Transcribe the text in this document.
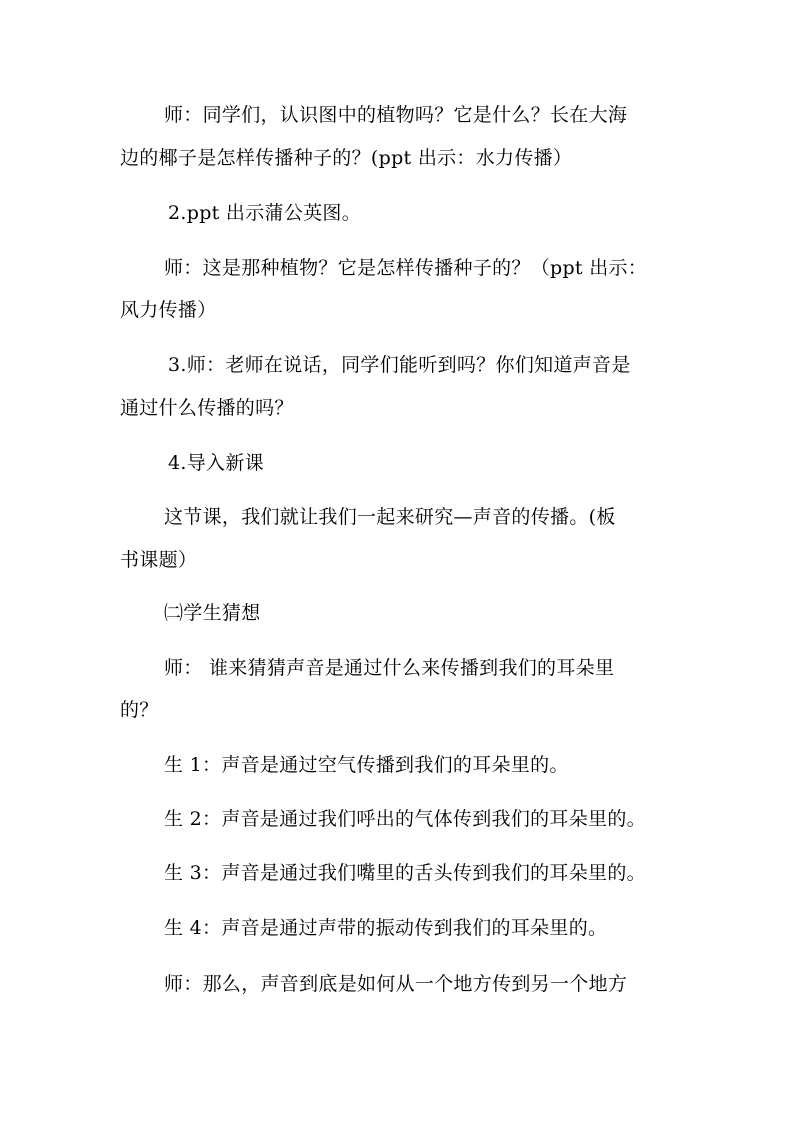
师：同学们，认识图中的植物吗？它是什么？长在大海
边的椰子是怎样传播种子的？(ppt 出示：水力传播）
2.ppt 出示蒲公英图。
师：这是那种植物？它是怎样传播种子的？（ppt 出示：
风力传播）
3.师：老师在说话，同学们能听到吗？你们知道声音是
通过什么传播的吗？
4.导入新课
这节课，我们就让我们一起来研究—声音的传播。(板
书课题）
㈡学生猜想
师： 谁来猜猜声音是通过什么来传播到我们的耳朵里
的？
生 1：声音是通过空气传播到我们的耳朵里的。
生 2：声音是通过我们呼出的气体传到我们的耳朵里的。
生 3：声音是通过我们嘴里的舌头传到我们的耳朵里的。
生 4：声音是通过声带的振动传到我们的耳朵里的。
师：那么，声音到底是如何从一个地方传到另一个地方
